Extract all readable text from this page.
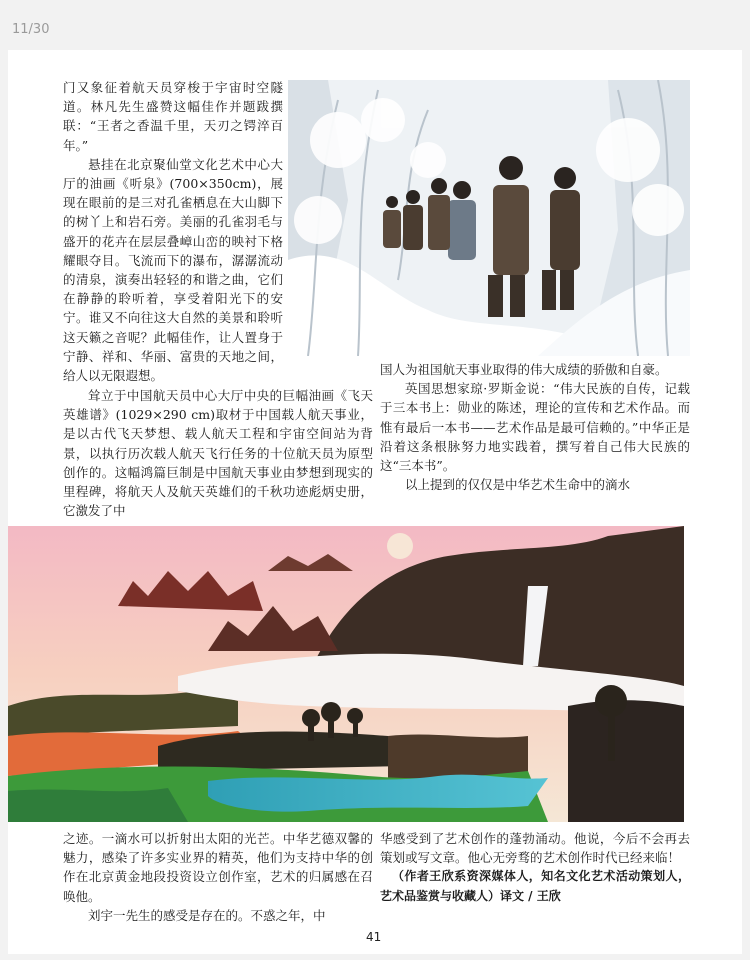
11/30

门又象征着航天员穿梭于宇宙时空隧道。林凡先生盛赞这幅佳作并题跋撰联：“王者之香温千里，天刃之锷淬百年。”

悬挂在北京聚仙堂文化艺术中心大厅的油画《听泉》(700×350cm)，展现在眼前的是三对孔雀栖息在大山脚下的树丫上和岩石旁。美丽的孔雀羽毛与盛开的花卉在层层叠嶂山峦的映衬下格耀眼夺目。飞流而下的瀑布，潺潺流动的清泉，演奏出轻轻的和谐之曲，它们在静静的聆听着，享受着阳光下的安宁。谁又不向往这大自然的美景和聆听这天籁之音呢？此幅佳作，让人置身于宁静、祥和、华丽、富贵的天地之间，给人以无限遐想。

耸立于中国航天员中心大厅中央的巨幅油画《飞天英雄谱》(1029×290 cm)取材于中国载人航天事业，是以古代飞天梦想、载人航天工程和宇宙空间站为背景，以执行历次载人航天飞行任务的十位航天员为原型创作的。这幅鸿篇巨制是中国航天事业由梦想到现实的里程碑，将航天人及航天英雄们的千秋功迹彪炳史册，它激发了中

国人为祖国航天事业取得的伟大成绩的骄傲和自豪。

英国思想家琼·罗斯金说：“伟大民族的自传，记载于三本书上：勋业的陈述，理论的宣传和艺术作品。而惟有最后一本书——艺术作品是最可信赖的。”中华正是沿着这条根脉努力地实践着，撰写着自己伟大民族的这“三本书”。

以上提到的仅仅是中华艺术生命中的滴水

之迹。一滴水可以折射出太阳的光芒。中华艺德双馨的魅力，感染了许多实业界的精英，他们为支持中华的创作在北京黄金地段投资设立创作室，艺术的归属感在召唤他。

刘宇一先生的感受是存在的。不惑之年，中

华感受到了艺术创作的蓬勃涌动。他说，今后不会再去策划或写文章。他心无旁骛的艺术创作时代已经来临！

（作者王欣系资深媒体人，知名文化艺术活动策划人，艺术品鉴赏与收藏人）译文 / 王欣

41
